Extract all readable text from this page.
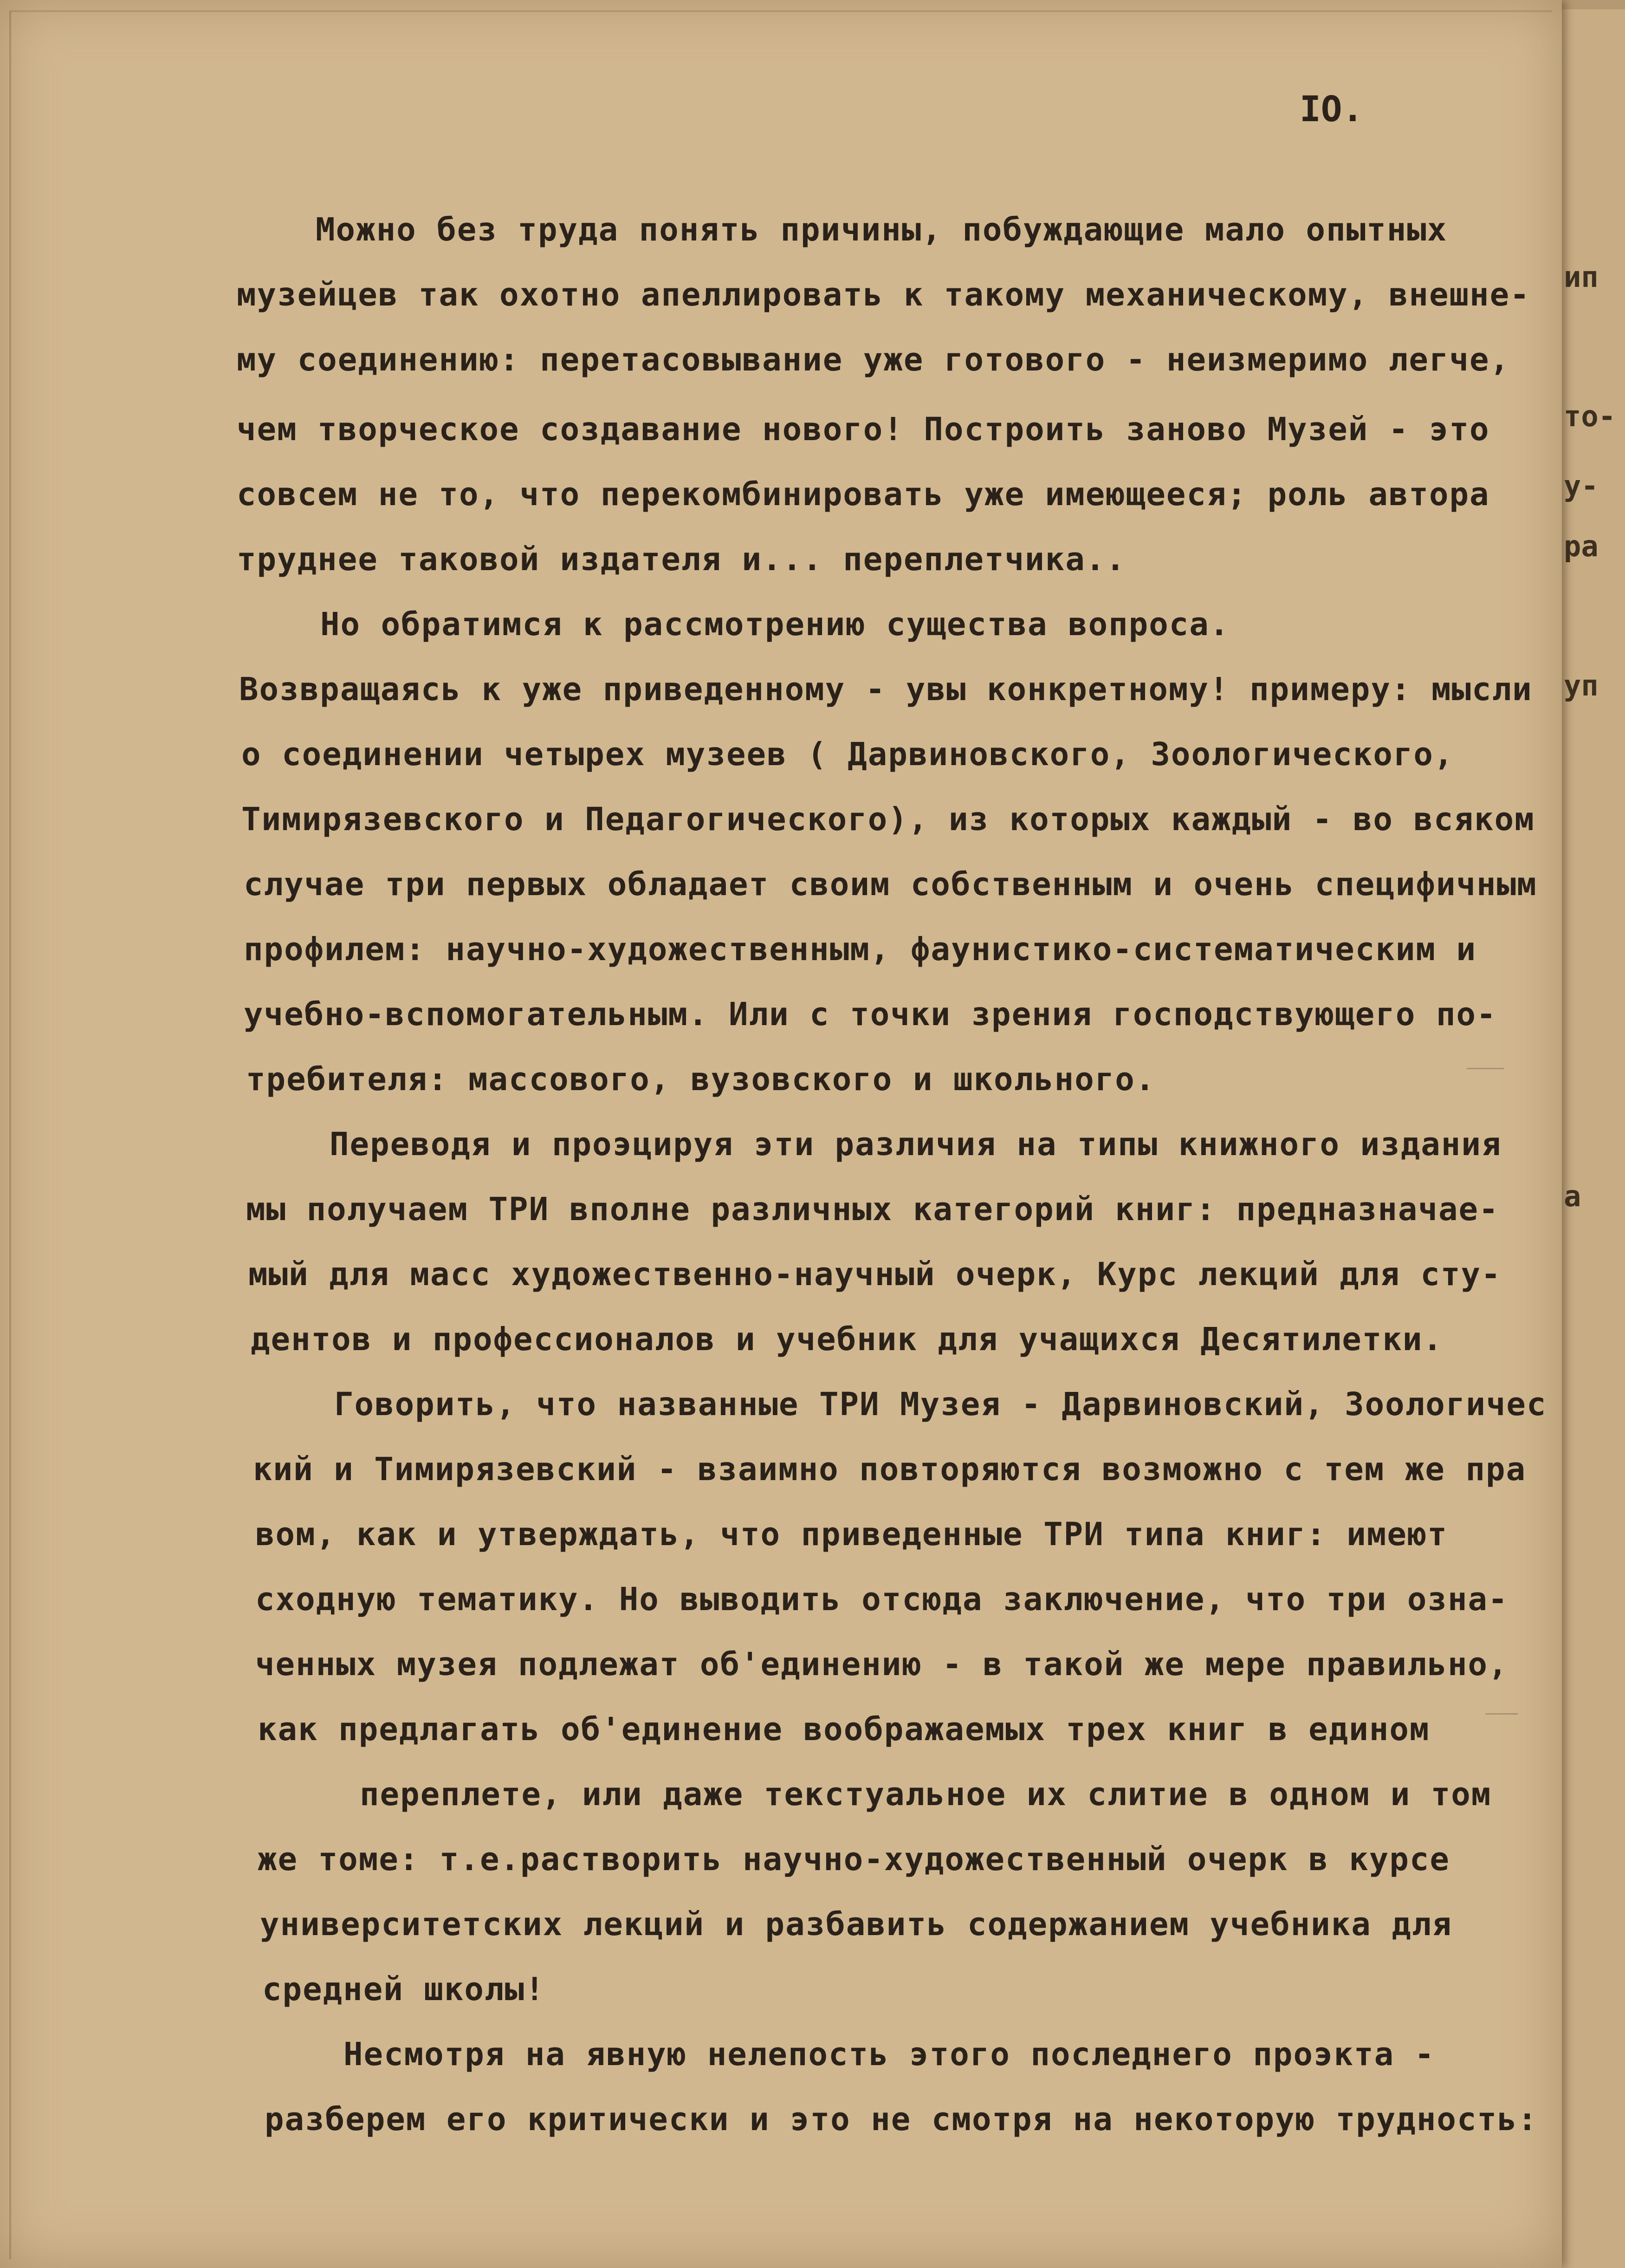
ип
то-
у-
ра
уп
а
IO.
Можно без труда понять причины, побуждающие мало опытных
музейцев так охотно апеллировать к такому механическому, внешне-
му соединению: перетасовывание уже готового - неизмеримо легче,
чем творческое создавание нового! Построить заново Музей - это
совсем не то, что перекомбинировать уже имеющееся; роль автора
труднее таковой издателя и... переплетчика..
Но обратимся к рассмотрению существа вопроса.
Возвращаясь к уже приведенному - увы конкретному! примеру: мысли
о соединении четырех музеев ( Дарвиновского, Зоологического,
Тимирязевского и Педагогического), из которых каждый - во всяком
случае три первых обладает своим собственным и очень специфичным
профилем: научно-художественным, фаунистико-систематическим и
учебно-вспомогательным. Или с точки зрения господствующего по-
требителя: массового, вузовского и школьного.
Переводя и проэцируя эти различия на типы книжного издания
мы получаем ТРИ вполне различных категорий книг: предназначае-
мый для масс художественно-научный очерк, Курс лекций для сту-
дентов и профессионалов и учебник для учащихся Десятилетки.
Говорить, что названные ТРИ Музея - Дарвиновский, Зоологичес
кий и Тимирязевский - взаимно повторяются возможно с тем же пра
вом, как и утверждать, что приведенные ТРИ типа книг: имеют
сходную тематику. Но выводить отсюда заключение, что три озна-
ченных музея подлежат об'единению - в такой же мере правильно,
как предлагать об'единение воображаемых трех книг в едином
переплете, или даже текстуальное их слитие в одном и том
же томе: т.е.растворить научно-художественный очерк в курсе
университетских лекций и разбавить содержанием учебника для
средней школы!
Несмотря на явную нелепость этого последнего проэкта -
разберем его критически и это не смотря на некоторую трудность:
